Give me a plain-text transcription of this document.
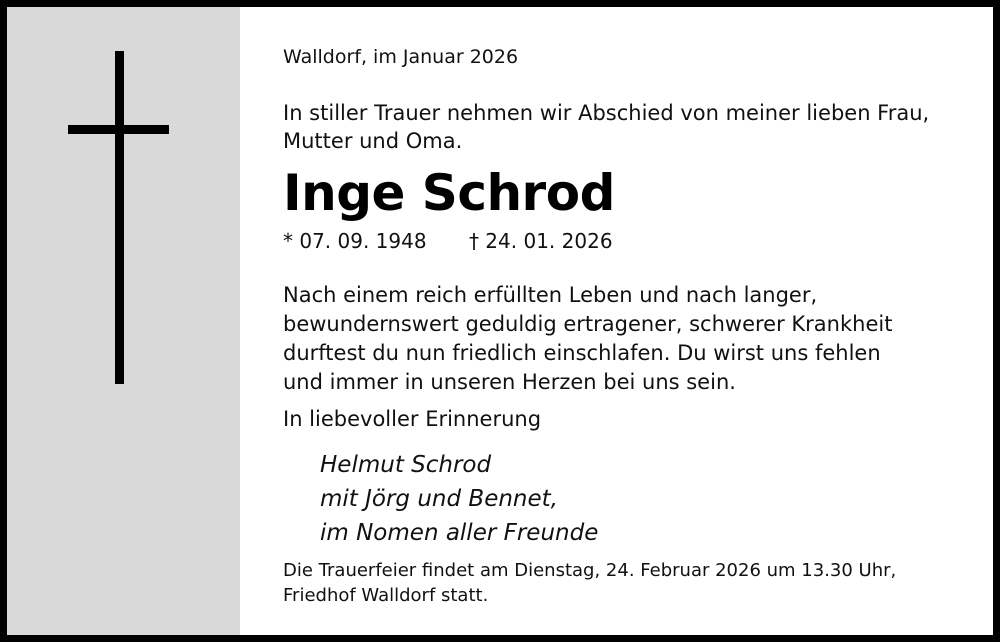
Walldorf, im Januar 2026
In stiller Trauer nehmen wir Abschied von meiner lieben Frau,
Mutter und Oma.
Inge Schrod
* 07. 09. 1948 † 24. 01. 2026
Nach einem reich erfüllten Leben und nach langer,
bewundernswert geduldig ertragener, schwerer Krankheit
durftest du nun friedlich einschlafen. Du wirst uns fehlen
und immer in unseren Herzen bei uns sein.
In liebevoller Erinnerung
Helmut Schrod
mit Jörg und Bennet,
im Nomen aller Freunde
Die Trauerfeier findet am Dienstag, 24. Februar 2026 um 13.30 Uhr,
Friedhof Walldorf statt.
